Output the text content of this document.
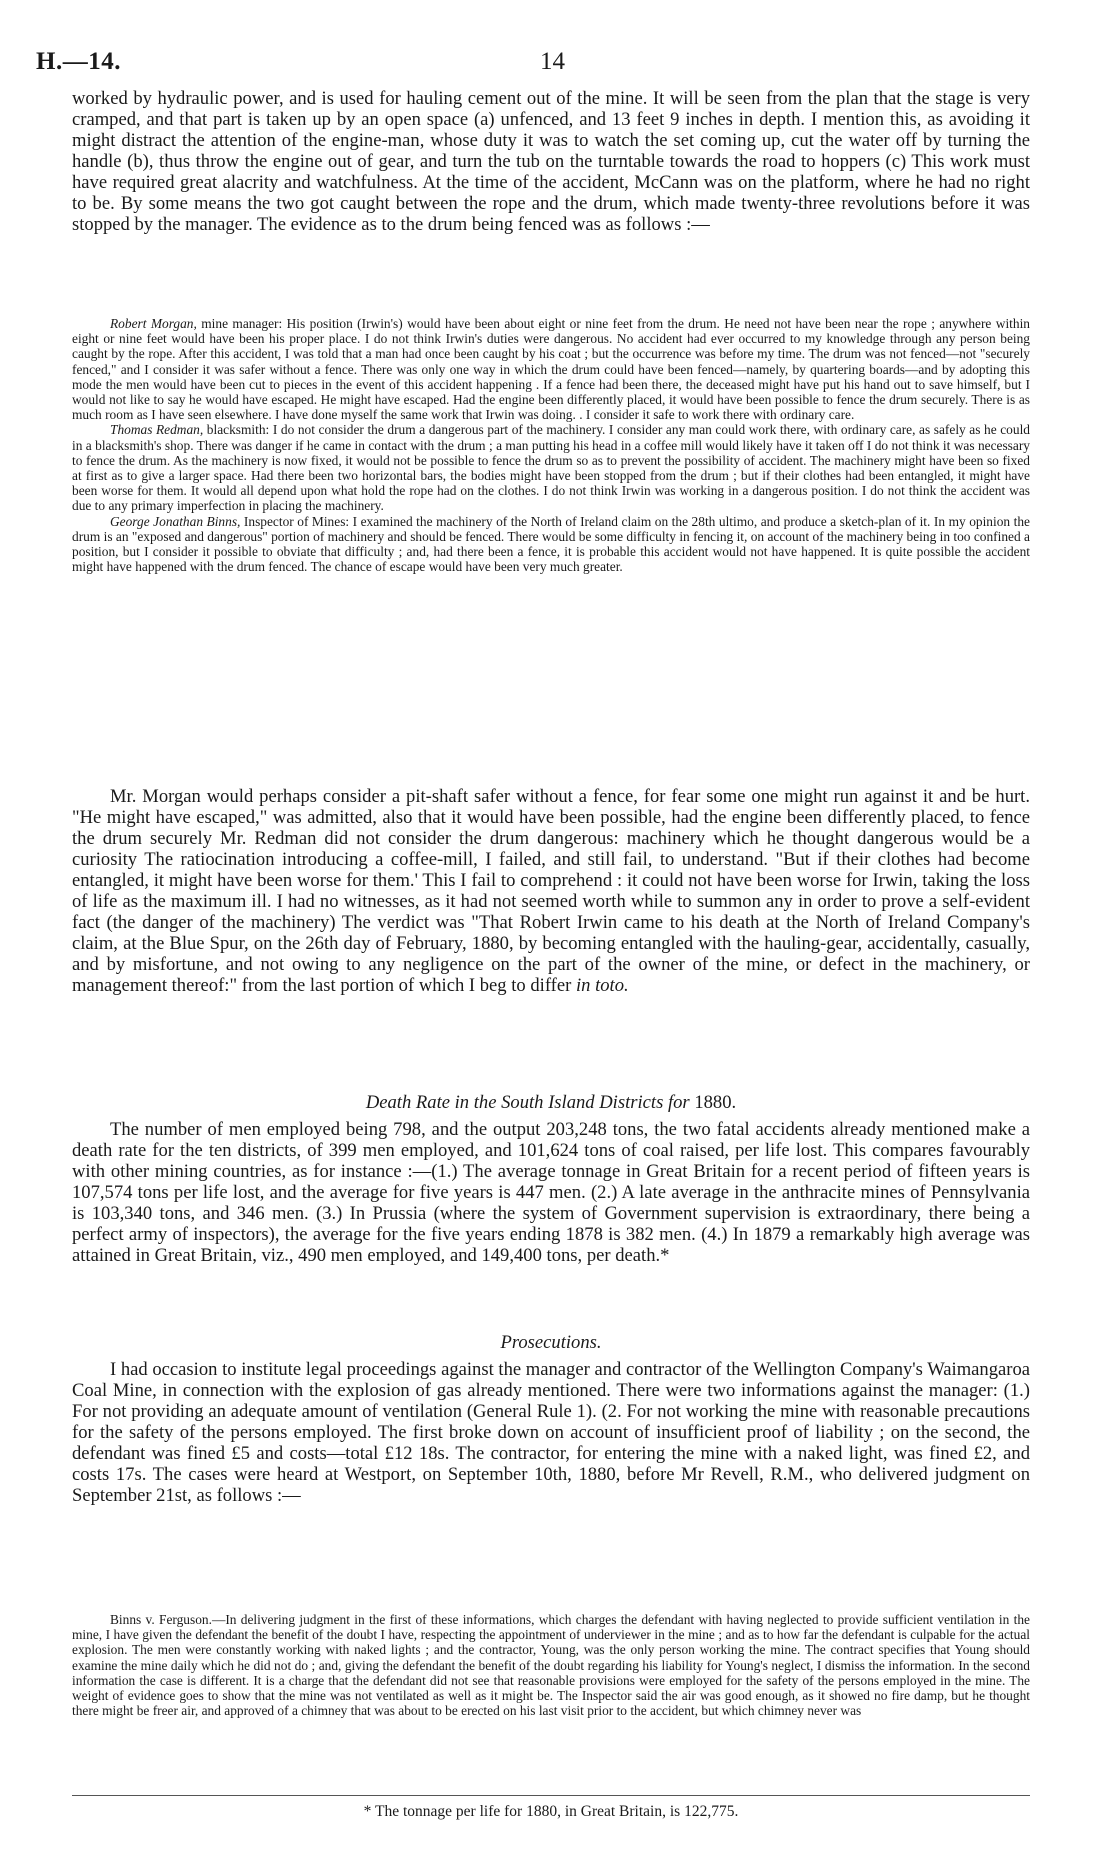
H.—14.	14

worked by hydraulic power, and is used for hauling cement out of the mine. It will be seen from the plan that the stage is very cramped, and that part is taken up by an open space (a) unfenced, and 13 feet 9 inches in depth. I mention this, as avoiding it might distract the attention of the engine-man, whose duty it was to watch the set coming up, cut the water off by turning the handle (b), thus throw the engine out of gear, and turn the tub on the turntable towards the road to hoppers (c) This work must have required great alacrity and watchfulness. At the time of the accident, McCann was on the platform, where he had no right to be. By some means the two got caught between the rope and the drum, which made twenty-three revolutions before it was stopped by the manager. The evidence as to the drum being fenced was as follows :—

Robert Morgan, mine manager: His position (Irwin's) would have been about eight or nine feet from the drum. He need not have been near the rope ; anywhere within eight or nine feet would have been his proper place. I do not think Irwin's duties were dangerous. No accident had ever occurred to my knowledge through any person being caught by the rope. After this accident, I was told that a man had once been caught by his coat ; but the occurrence was before my time. The drum was not fenced—not "securely fenced," and I consider it was safer without a fence. There was only one way in which the drum could have been fenced—namely, by quartering boards—and by adopting this mode the men would have been cut to pieces in the event of this accident happening . If a fence had been there, the deceased might have put his hand out to save himself, but I would not like to say he would have escaped. He might have escaped. Had the engine been differently placed, it would have been possible to fence the drum securely. There is as much room as I have seen elsewhere. I have done myself the same work that Irwin was doing. . I consider it safe to work there with ordinary care.

Thomas Redman, blacksmith: I do not consider the drum a dangerous part of the machinery. I consider any man could work there, with ordinary care, as safely as he could in a blacksmith's shop. There was danger if he came in contact with the drum ; a man putting his head in a coffee mill would likely have it taken off I do not think it was necessary to fence the drum. As the machinery is now fixed, it would not be possible to fence the drum so as to prevent the possibility of accident. The machinery might have been so fixed at first as to give a larger space. Had there been two horizontal bars, the bodies might have been stopped from the drum ; but if their clothes had been entangled, it might have been worse for them. It would all depend upon what hold the rope had on the clothes. I do not think Irwin was working in a dangerous position. I do not think the accident was due to any primary imperfection in placing the machinery.

George Jonathan Binns, Inspector of Mines: I examined the machinery of the North of Ireland claim on the 28th ultimo, and produce a sketch-plan of it. In my opinion the drum is an "exposed and dangerous" portion of machinery and should be fenced. There would be some difficulty in fencing it, on account of the machinery being in too confined a position, but I consider it possible to obviate that difficulty ; and, had there been a fence, it is probable this accident would not have happened. It is quite possible the accident might have happened with the drum fenced. The chance of escape would have been very much greater.

Mr. Morgan would perhaps consider a pit-shaft safer without a fence, for fear some one might run against it and be hurt. "He might have escaped," was admitted, also that it would have been possible, had the engine been differently placed, to fence the drum securely Mr. Redman did not consider the drum dangerous: machinery which he thought dangerous would be a curiosity The ratiocination introducing a coffee-mill, I failed, and still fail, to understand. "But if their clothes had become entangled, it might have been worse for them.' This I fail to comprehend : it could not have been worse for Irwin, taking the loss of life as the maximum ill. I had no witnesses, as it had not seemed worth while to summon any in order to prove a self-evident fact (the danger of the machinery) The verdict was "That Robert Irwin came to his death at the North of Ireland Company's claim, at the Blue Spur, on the 26th day of February, 1880, by becoming entangled with the hauling-gear, accidentally, casually, and by misfortune, and not owing to any negligence on the part of the owner of the mine, or defect in the machinery, or management thereof:" from the last portion of which I beg to differ in toto.

Death Rate in the South Island Districts for 1880.

The number of men employed being 798, and the output 203,248 tons, the two fatal accidents already mentioned make a death rate for the ten districts, of 399 men employed, and 101,624 tons of coal raised, per life lost. This compares favourably with other mining countries, as for instance :—(1.) The average tonnage in Great Britain for a recent period of fifteen years is 107,574 tons per life lost, and the average for five years is 447 men. (2.) A late average in the anthracite mines of Pennsylvania is 103,340 tons, and 346 men. (3.) In Prussia (where the system of Government supervision is extraordinary, there being a perfect army of inspectors), the average for the five years ending 1878 is 382 men. (4.) In 1879 a remarkably high average was attained in Great Britain, viz., 490 men employed, and 149,400 tons, per death.*

Prosecutions.

I had occasion to institute legal proceedings against the manager and contractor of the Wellington Company's Waimangaroa Coal Mine, in connection with the explosion of gas already mentioned. There were two informations against the manager: (1.) For not providing an adequate amount of ventilation (General Rule 1). (2. For not working the mine with reasonable precautions for the safety of the persons employed. The first broke down on account of insufficient proof of liability ; on the second, the defendant was fined £5 and costs—total £12 18s. The contractor, for entering the mine with a naked light, was fined £2, and costs 17s. The cases were heard at Westport, on September 10th, 1880, before Mr Revell, R.M., who delivered judgment on September 21st, as follows :—

Binns v. Ferguson.—In delivering judgment in the first of these informations, which charges the defendant with having neglected to provide sufficient ventilation in the mine, I have given the defendant the benefit of the doubt I have, respecting the appointment of underviewer in the mine ; and as to how far the defendant is culpable for the actual explosion. The men were constantly working with naked lights ; and the contractor, Young, was the only person working the mine. The contract specifies that Young should examine the mine daily which he did not do ; and, giving the defendant the benefit of the doubt regarding his liability for Young's neglect, I dismiss the information. In the second information the case is different. It is a charge that the defendant did not see that reasonable provisions were employed for the safety of the persons employed in the mine. The weight of evidence goes to show that the mine was not ventilated as well as it might be. The Inspector said the air was good enough, as it showed no fire damp, but he thought there might be freer air, and approved of a chimney that was about to be erected on his last visit prior to the accident, but which chimney never was

* The tonnage per life for 1880, in Great Britain, is 122,775.
